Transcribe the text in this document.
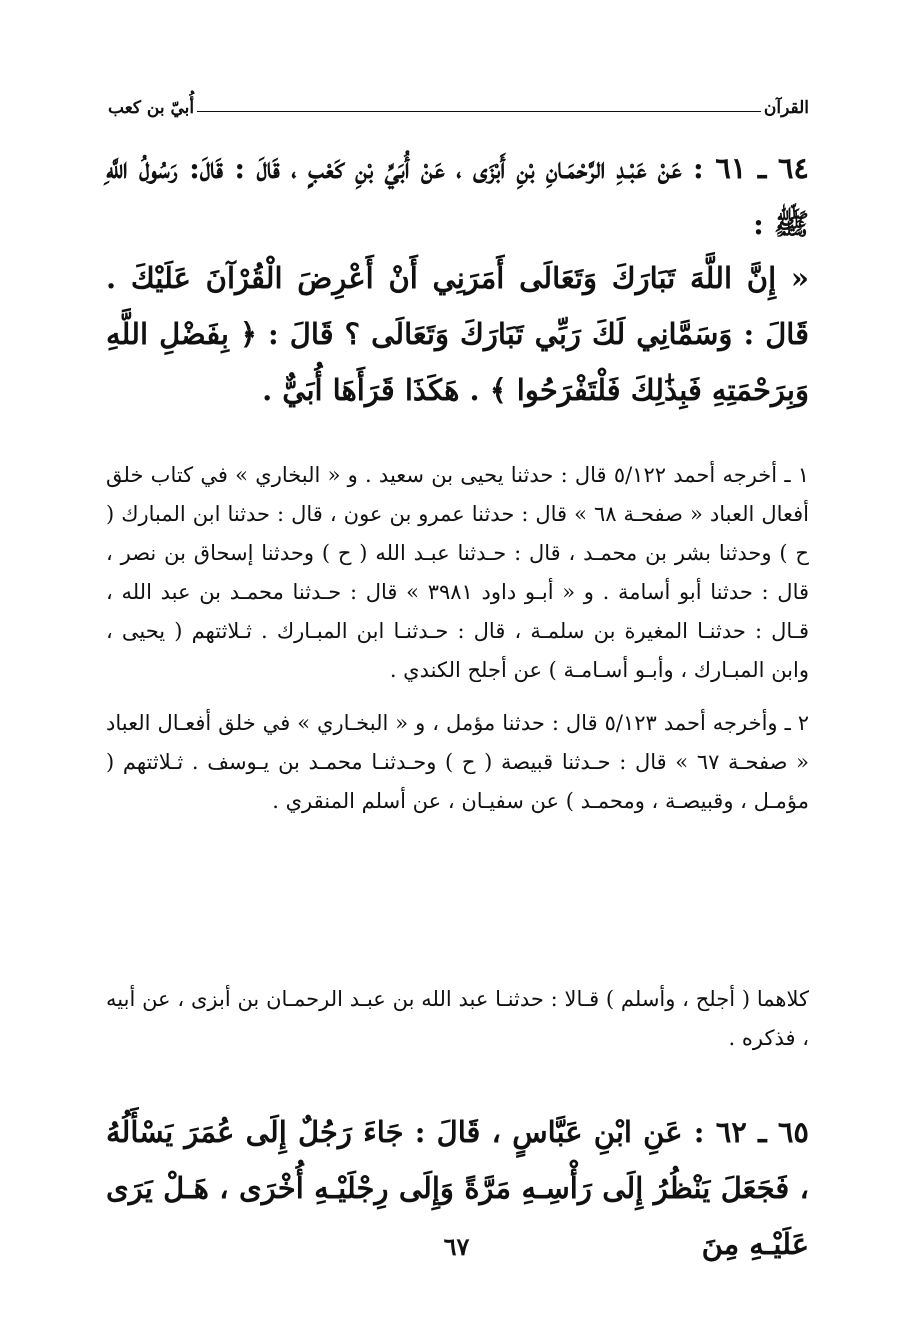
القرآن
أُبيّ بن كعب
٦٤ ـ ٦١ : عَنْ عَبْـدِ الرَّحْمَـانِ بْنِ أَبْزَى ، عَنْ أُبَيِّ بْنِ كَعْبٍ ، قَالَ : قَالَ: رَسُولُ اللَّهِ ﷺ :
« إِنَّ اللَّهَ تَبَارَكَ وَتَعَالَى أَمَرَنِي أَنْ أَعْرِضَ الْقُرْآنَ عَلَيْكَ . قَالَ : وَسَمَّانِي لَكَ رَبِّي تَبَارَكَ وَتَعَالَى ؟ قَالَ : ﴿ بِفَضْلِ اللَّهِ وَبِرَحْمَتِهِ فَبِذَٰلِكَ فَلْتَفْرَحُوا ﴾ . هَكَذَا قَرَأَهَا أُبَيٌّ .

١ ـ أخرجه أحمد ٥/١٢٢ قال : حدثنا يحيى بن سعيد . و « البخاري » في كتاب خلق أفعال العباد « صفحـة ٦٨ » قال : حدثنا عمرو بن عون ، قال : حدثنا ابن المبارك ( ح ) وحدثنا بشر بن محمـد ، قال : حـدثنا عبـد الله ( ح ) وحدثنا إسحاق بن نصر ، قال : حدثنا أبو أسامة . و « أبـو داود ٣٩٨١ » قال : حـدثنا محمـد بن عبد الله ، قـال : حدثنـا المغيرة بن سلمـة ، قال : حـدثنـا ابن المبـارك . ثـلاثتهم ( يحيى ، وابن المبـارك ، وأبـو أسـامـة ) عن أجلح الكندي .

٢ ـ وأخرجه أحمد ٥/١٢٣ قال : حدثنا مؤمل ، و « البخـاري » في خلق أفعـال العباد « صفحـة ٦٧ » قال : حـدثنا قبيصة ( ح ) وحـدثنـا محمـد بن يـوسف . ثـلاثتهم ( مؤمـل ، وقبيصـة ، ومحمـد ) عن سفيـان ، عن أسلم المنقري .

كلاهما ( أجلح ، وأسلم ) قـالا : حدثنـا عبد الله بن عبـد الرحمـان بن أبزى ، عن أبيه ، فذكره .
٦٥ ـ ٦٢ : عَنِ ابْنِ عَبَّاسٍ ، قَالَ : جَاءَ رَجُلٌ إِلَى عُمَرَ يَسْأَلُهُ ، فَجَعَلَ يَنْظُرُ إِلَى رَأْسِـهِ مَرَّةً وَإِلَى رِجْلَيْـهِ أُخْرَى ، هَـلْ يَرَى عَلَيْـهِ مِنَ
٦٧
